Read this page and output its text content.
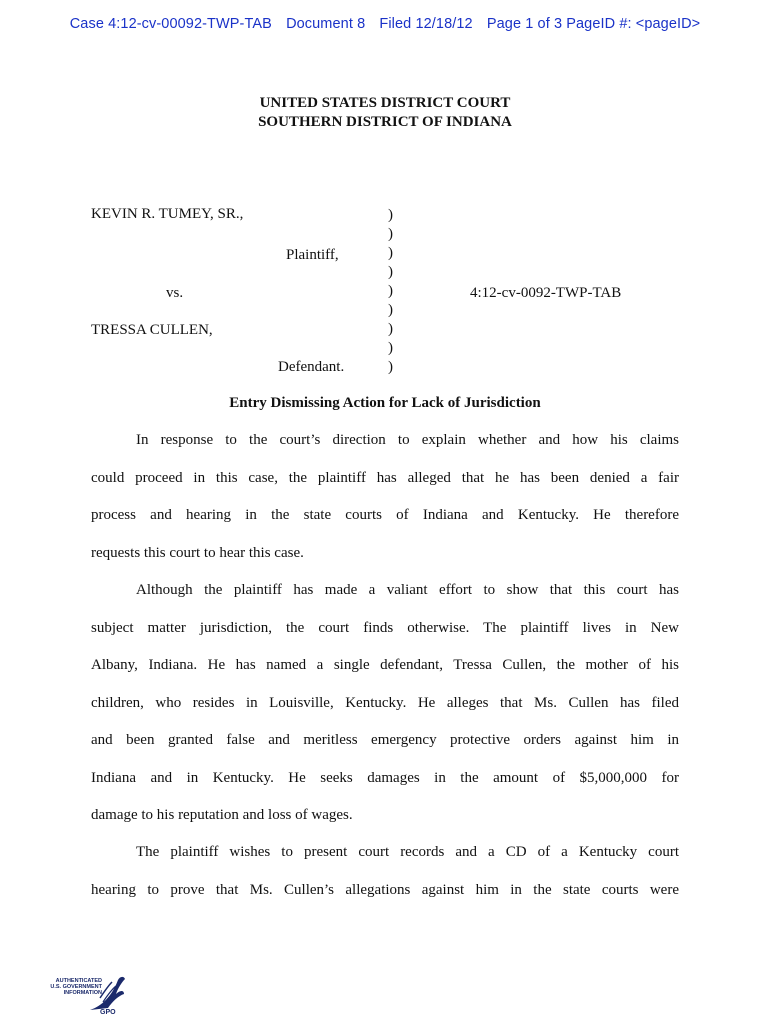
Case 4:12-cv-00092-TWP-TAB Document 8 Filed 12/18/12 Page 1 of 3 PageID #: <pageID>
UNITED STATES DISTRICT COURT
SOUTHERN DISTRICT OF INDIANA
KEVIN R. TUMEY, SR.,
Plaintiff,
vs.	4:12-cv-0092-TWP-TAB
TRESSA CULLEN,
Defendant.
)
)
)
)
)
)
)
)
)
Entry Dismissing Action for Lack of Jurisdiction
In response to the court’s direction to explain whether and how his claims
could proceed in this case, the plaintiff has alleged that he has been denied a fair
process and hearing in the state courts of Indiana and Kentucky. He therefore
requests this court to hear this case.
Although the plaintiff has made a valiant effort to show that this court has
subject matter jurisdiction, the court finds otherwise. The plaintiff lives in New
Albany, Indiana. He has named a single defendant, Tressa Cullen, the mother of his
children, who resides in Louisville, Kentucky. He alleges that Ms. Cullen has filed
and been granted false and meritless emergency protective orders against him in
Indiana and in Kentucky. He seeks damages in the amount of $5,000,000 for
damage to his reputation and loss of wages.
The plaintiff wishes to present court records and a CD of a Kentucky court
hearing to prove that Ms. Cullen’s allegations against him in the state courts were
AUTHENTICATED
U.S. GOVERNMENT
INFORMATION
GPO
